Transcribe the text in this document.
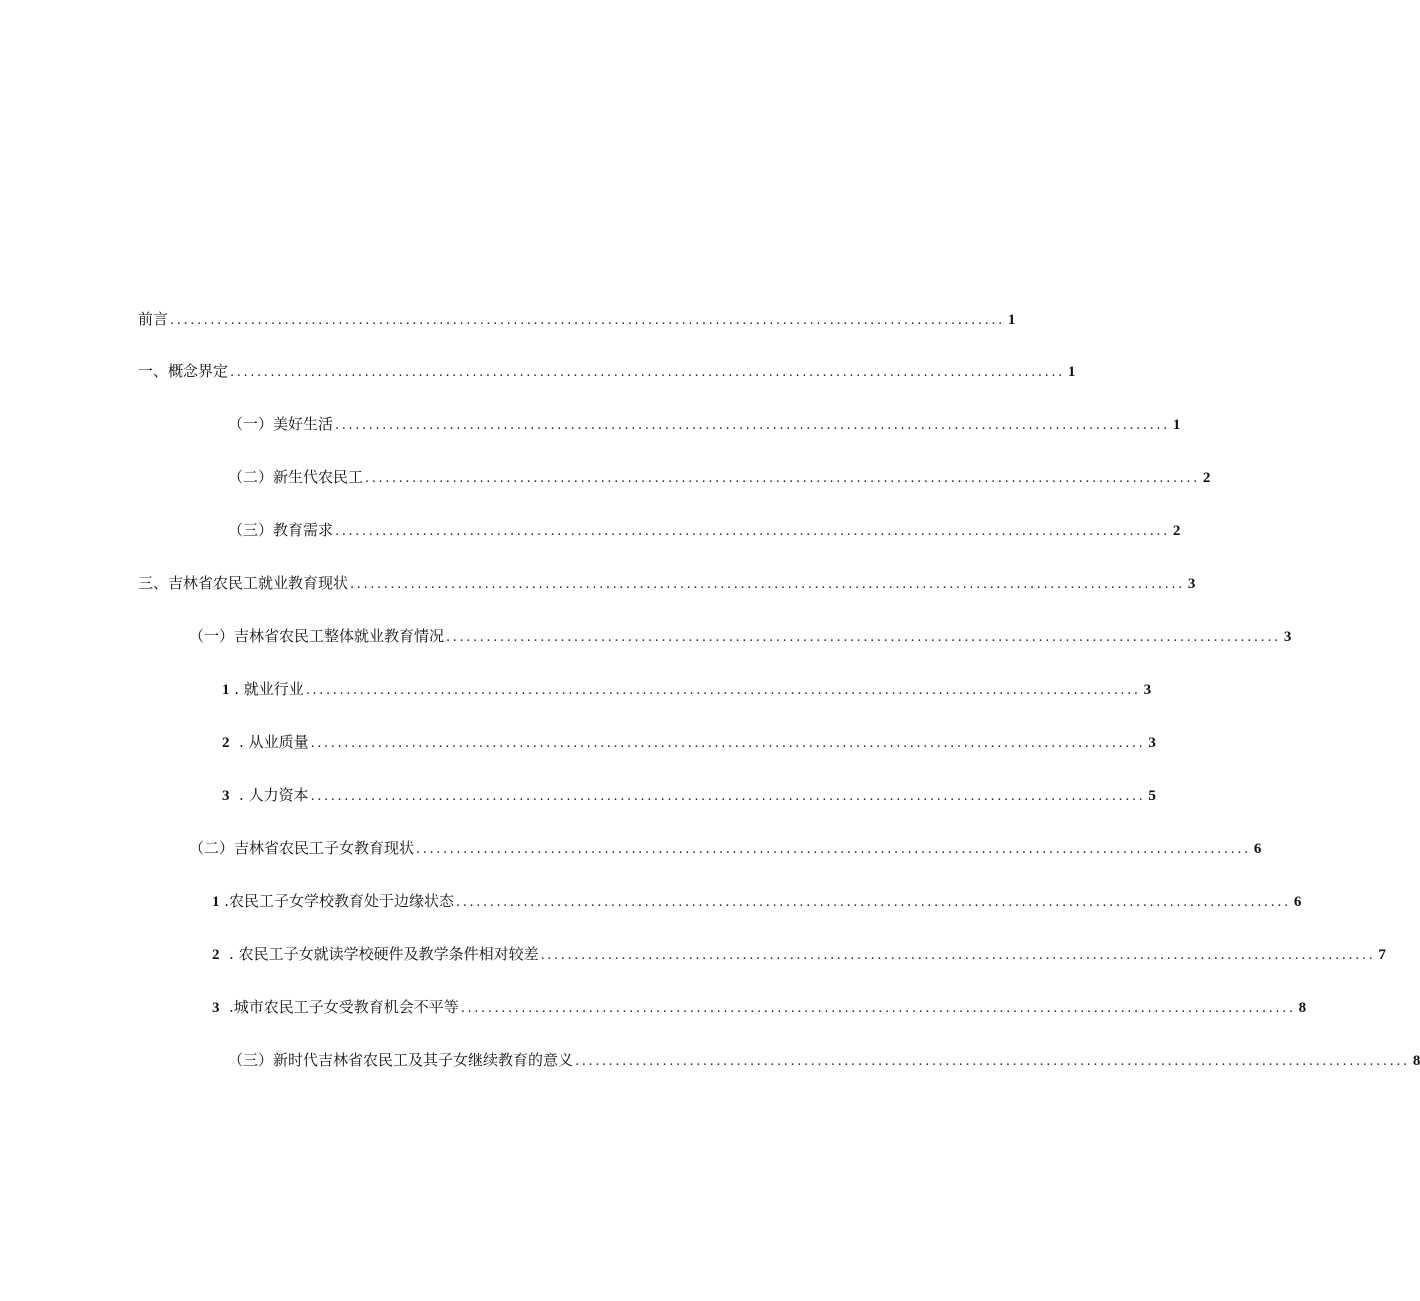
前言 ............................................................................................................................ 1
一、概念界定 ............................................................................................................................ 1
（一）美好生活 ............................................................................................................................ 1
（二）新生代农民工 ............................................................................................................................ 2
（三）教育需求 ............................................................................................................................ 2
三、吉林省农民工就业教育现状 ............................................................................................................................ 3
（一）吉林省农民工整体就业教育情况 ............................................................................................................................ 3
1 . 就业行业 ............................................................................................................................ 3
2 . 从业质量 ............................................................................................................................ 3
3 . 人力资本 ............................................................................................................................ 5
（二）吉林省农民工子女教育现状 ............................................................................................................................ 6
1 .农民工子女学校教育处于边缘状态 ............................................................................................................................ 6
2 . 农民工子女就读学校硬件及教学条件相对较差 ............................................................................................................................ 7
3 .城市农民工子女受教育机会不平等 ............................................................................................................................ 8
（三）新时代吉林省农民工及其子女继续教育的意义 ............................................................................................................................ 8
